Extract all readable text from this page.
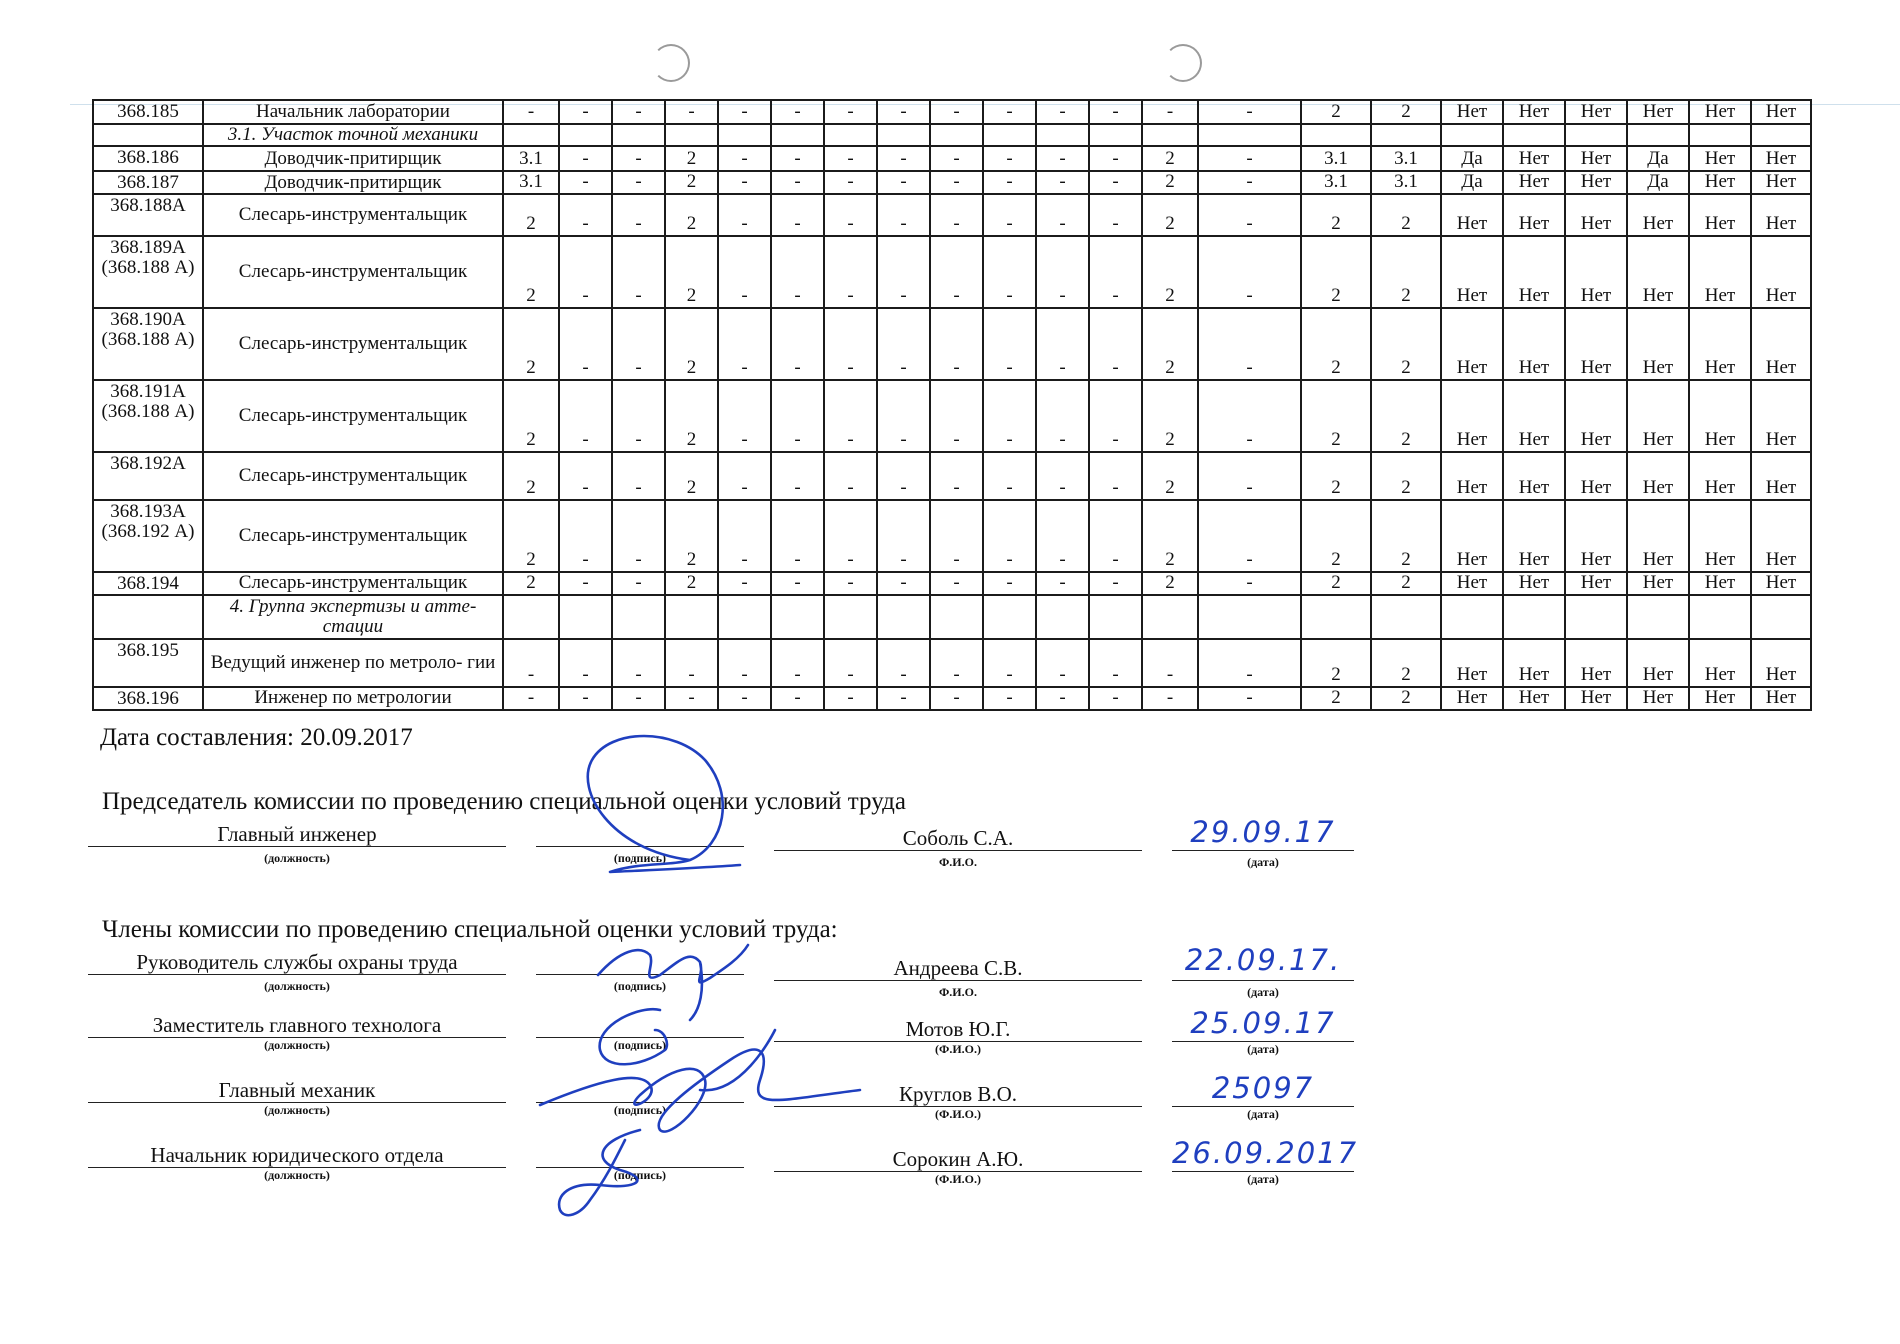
368.185	Начальник лаборатории	-	-	-	-	-	-	-	-	-	-	-	-	-	-	2	2	Нет	Нет	Нет	Нет	Нет	Нет
	3.1. Участок точной механики																						
368.186	Доводчик-притирщик	3.1	-	-	2	-	-	-	-	-	-	-	-	2	-	3.1	3.1	Да	Нет	Нет	Да	Нет	Нет
368.187	Доводчик-притирщик	3.1	-	-	2	-	-	-	-	-	-	-	-	2	-	3.1	3.1	Да	Нет	Нет	Да	Нет	Нет
368.188А	Слесарь-инструментальщик	2	-	-	2	-	-	-	-	-	-	-	-	2	-	2	2	Нет	Нет	Нет	Нет	Нет	Нет
368.189А (368.188 А)	Слесарь-инструментальщик	2	-	-	2	-	-	-	-	-	-	-	-	2	-	2	2	Нет	Нет	Нет	Нет	Нет	Нет
368.190А (368.188 А)	Слесарь-инструментальщик	2	-	-	2	-	-	-	-	-	-	-	-	2	-	2	2	Нет	Нет	Нет	Нет	Нет	Нет
368.191А (368.188 А)	Слесарь-инструментальщик	2	-	-	2	-	-	-	-	-	-	-	-	2	-	2	2	Нет	Нет	Нет	Нет	Нет	Нет
368.192А	Слесарь-инструментальщик	2	-	-	2	-	-	-	-	-	-	-	-	2	-	2	2	Нет	Нет	Нет	Нет	Нет	Нет
368.193А (368.192 А)	Слесарь-инструментальщик	2	-	-	2	-	-	-	-	-	-	-	-	2	-	2	2	Нет	Нет	Нет	Нет	Нет	Нет
368.194	Слесарь-инструментальщик	2	-	-	2	-	-	-	-	-	-	-	-	2	-	2	2	Нет	Нет	Нет	Нет	Нет	Нет
	4. Группа экспертизы и атте- стации																						
368.195	Ведущий инженер по метроло- гии	-	-	-	-	-	-	-	-	-	-	-	-	-	-	2	2	Нет	Нет	Нет	Нет	Нет	Нет
368.196	Инженер по метрологии	-	-	-	-	-	-	-	-	-	-	-	-	-	-	2	2	Нет	Нет	Нет	Нет	Нет	Нет
Дата составления: 20.09.2017
Председатель комиссии по проведению специальной оценки условий труда
Главный инженер
(должность)	(подпись)
Соболь С.А.
Ф.И.О.
29.09.17
(дата)
Члены комиссии по проведению специальной оценки условий труда:
Руководитель службы охраны труда
(должность)	(подпись)
Андреева С.В.
Ф.И.О.
22.09.17.
(дата)
Заместитель главного технолога
(должность)	(подпись)
Мотов Ю.Г.
(Ф.И.О.)
25.09.17
(дата)
Главный механик
(должность)	(подпись)
Круглов В.О.
(Ф.И.О.)
25097
(дата)
Начальник юридического отдела
(должность)	(подпись)
Сорокин А.Ю.
(Ф.И.О.)
26.09.2017
(дата)
